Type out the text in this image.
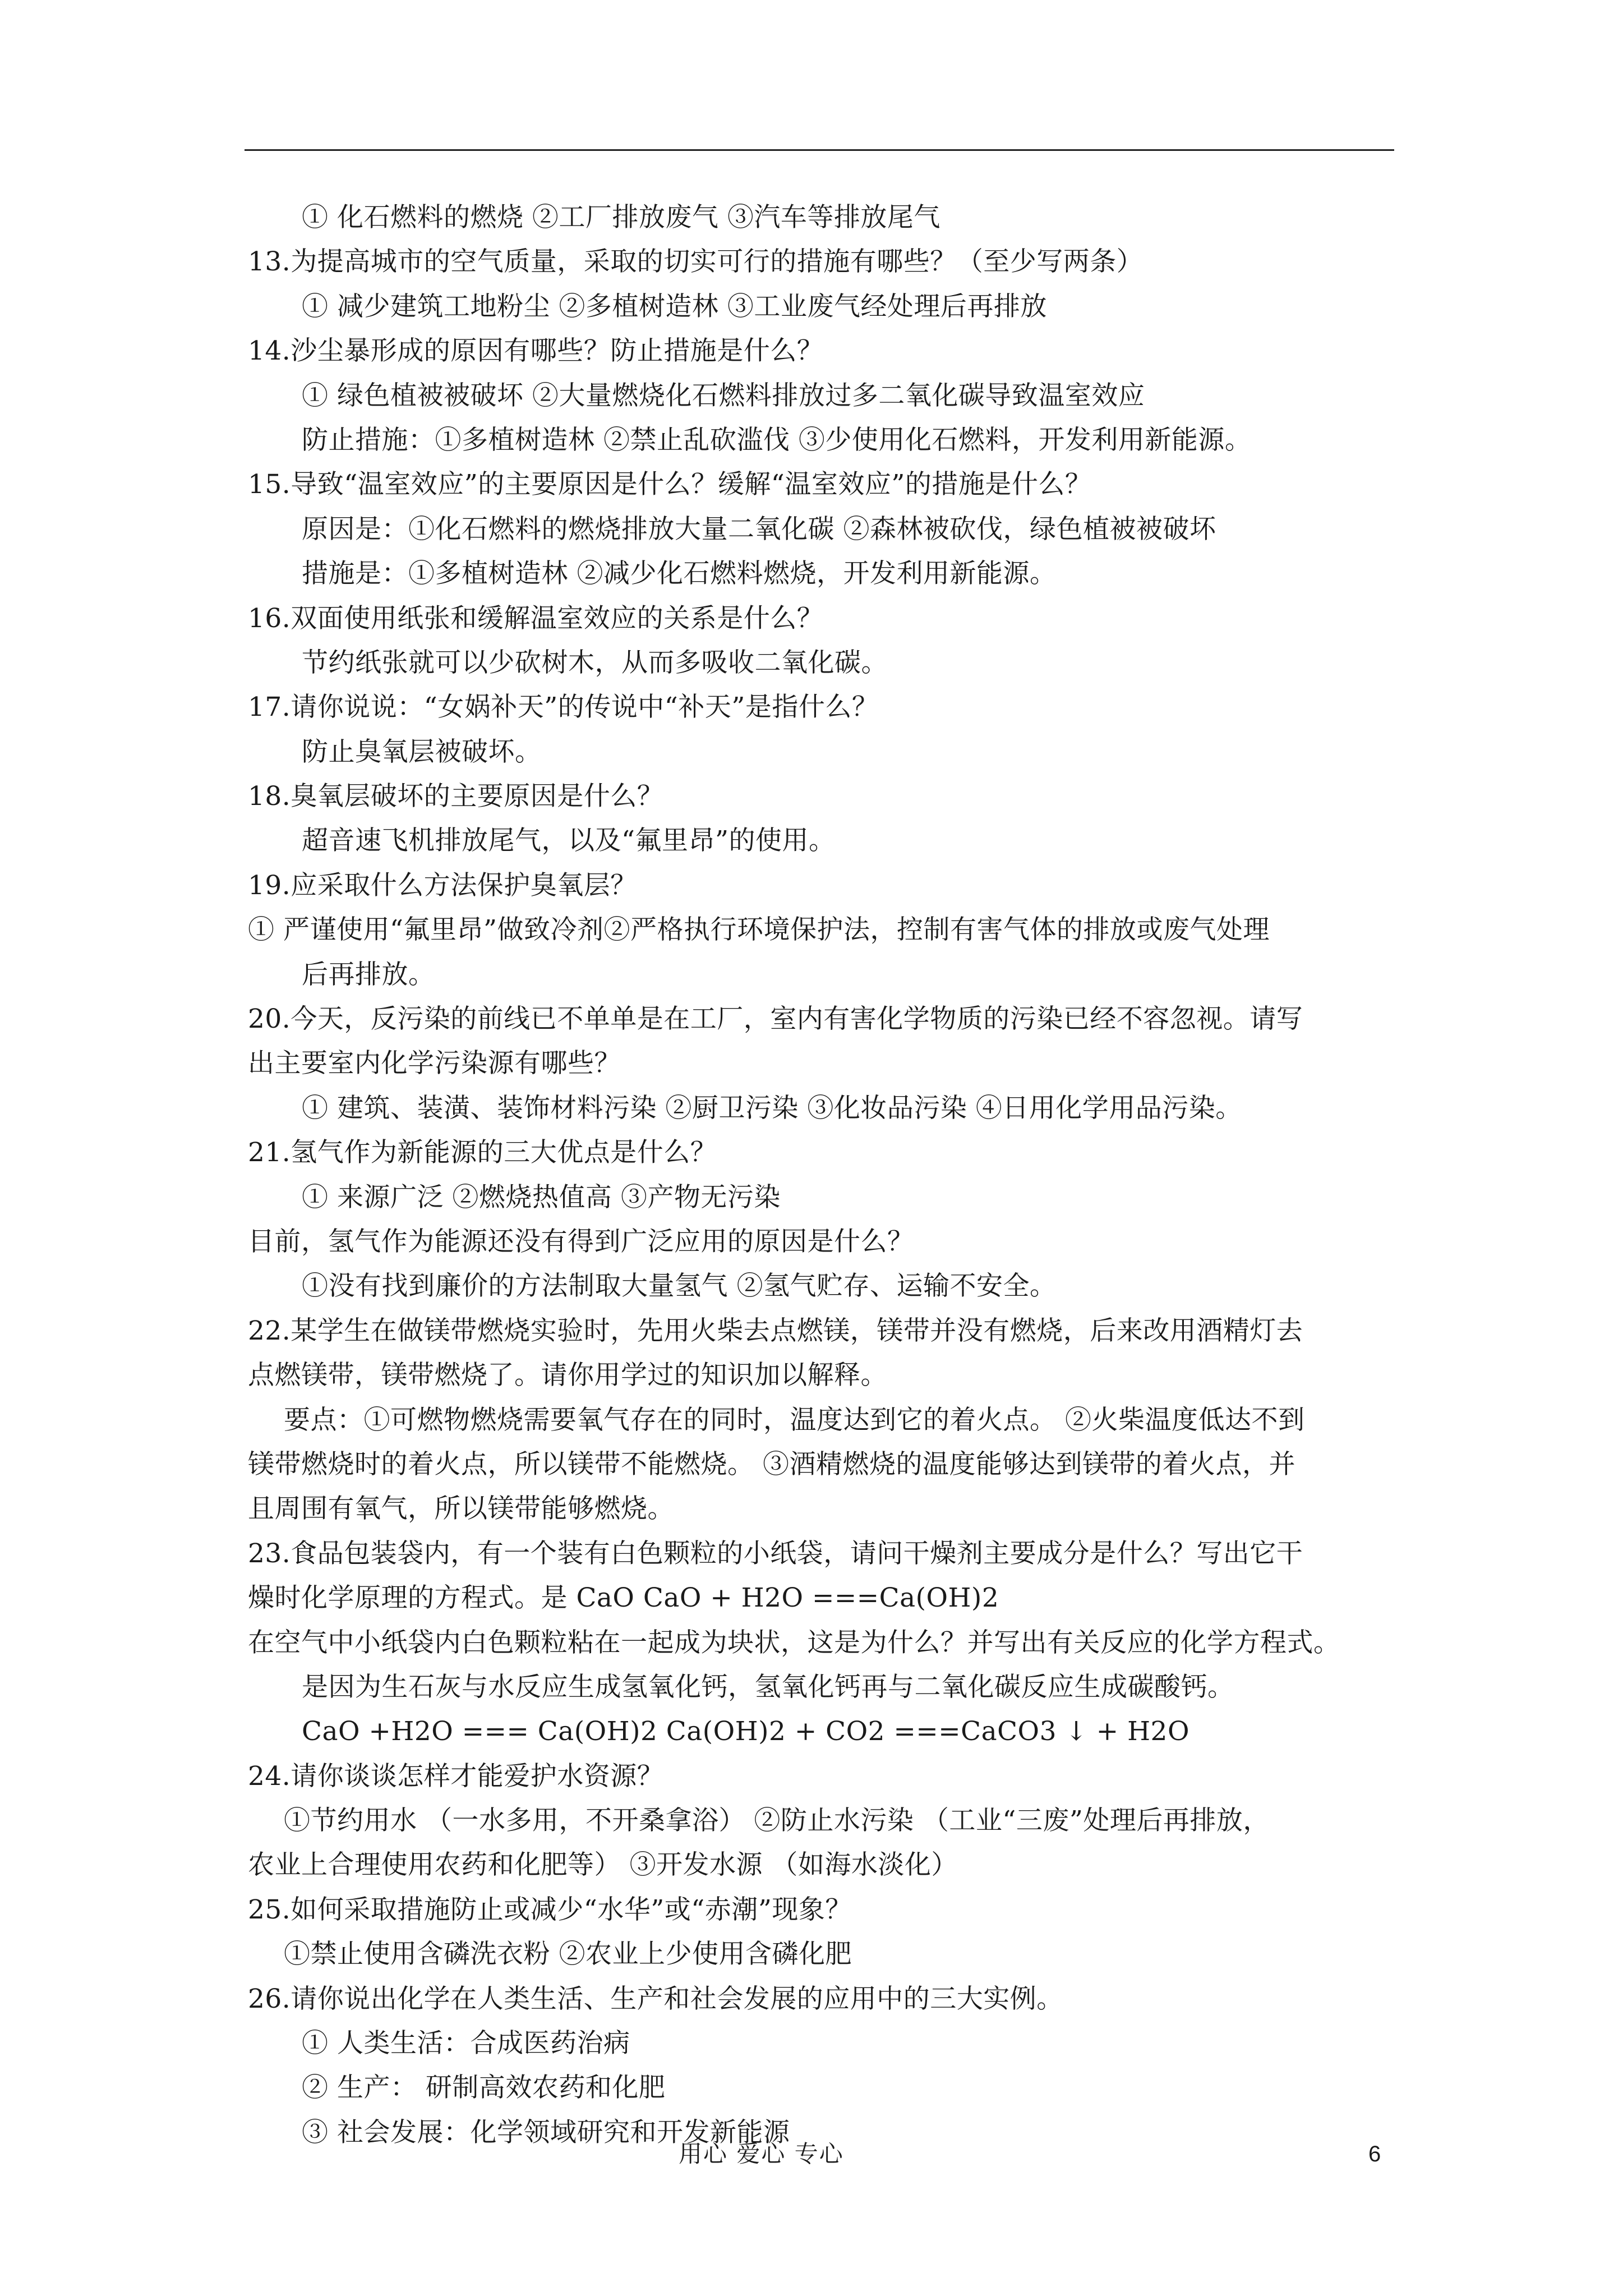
① 化石燃料的燃烧 ②工厂排放废气 ③汽车等排放尾气
13.为提高城市的空气质量，采取的切实可行的措施有哪些？（至少写两条）
① 减少建筑工地粉尘 ②多植树造林 ③工业废气经处理后再排放
14.沙尘暴形成的原因有哪些？防止措施是什么？
① 绿色植被被破坏 ②大量燃烧化石燃料排放过多二氧化碳导致温室效应
防止措施：①多植树造林 ②禁止乱砍滥伐 ③少使用化石燃料，开发利用新能源。
15.导致“温室效应”的主要原因是什么？缓解“温室效应”的措施是什么？
原因是：①化石燃料的燃烧排放大量二氧化碳 ②森林被砍伐，绿色植被被破坏
措施是：①多植树造林 ②减少化石燃料燃烧，开发利用新能源。
16.双面使用纸张和缓解温室效应的关系是什么？
节约纸张就可以少砍树木，从而多吸收二氧化碳。
17.请你说说：“女娲补天”的传说中“补天”是指什么？
防止臭氧层被破坏。
18.臭氧层破坏的主要原因是什么？
超音速飞机排放尾气，以及“氟里昂”的使用。
19.应采取什么方法保护臭氧层？
① 严谨使用“氟里昂”做致冷剂②严格执行环境保护法，控制有害气体的排放或废气处理
后再排放。
20.今天，反污染的前线已不单单是在工厂，室内有害化学物质的污染已经不容忽视。请写
出主要室内化学污染源有哪些？
① 建筑、装潢、装饰材料污染 ②厨卫污染 ③化妆品污染 ④日用化学用品污染。
21.氢气作为新能源的三大优点是什么？
① 来源广泛 ②燃烧热值高 ③产物无污染
目前，氢气作为能源还没有得到广泛应用的原因是什么？
①没有找到廉价的方法制取大量氢气 ②氢气贮存、运输不安全。
22.某学生在做镁带燃烧实验时，先用火柴去点燃镁，镁带并没有燃烧，后来改用酒精灯去
点燃镁带，镁带燃烧了。请你用学过的知识加以解释。
要点：①可燃物燃烧需要氧气存在的同时，温度达到它的着火点。 ②火柴温度低达不到
镁带燃烧时的着火点，所以镁带不能燃烧。 ③酒精燃烧的温度能够达到镁带的着火点，并
且周围有氧气，所以镁带能够燃烧。
23.食品包装袋内，有一个装有白色颗粒的小纸袋，请问干燥剂主要成分是什么？写出它干
燥时化学原理的方程式。是 CaO CaO + H2O ===Ca(OH)2
在空气中小纸袋内白色颗粒粘在一起成为块状，这是为什么？并写出有关反应的化学方程式。
是因为生石灰与水反应生成氢氧化钙，氢氧化钙再与二氧化碳反应生成碳酸钙。
CaO +H2O === Ca(OH)2 Ca(OH)2 + CO2 ===CaCO3 ↓ + H2O
24.请你谈谈怎样才能爱护水资源？
①节约用水 （一水多用，不开桑拿浴） ②防止水污染 （工业“三废”处理后再排放，
农业上合理使用农药和化肥等） ③开发水源 （如海水淡化）
25.如何采取措施防止或减少“水华”或“赤潮”现象？
①禁止使用含磷洗衣粉 ②农业上少使用含磷化肥
26.请你说出化学在人类生活、生产和社会发展的应用中的三大实例。
① 人类生活：合成医药治病
② 生产： 研制高效农药和化肥
③ 社会发展：化学领域研究和开发新能源
用心 爱心 专心	6
